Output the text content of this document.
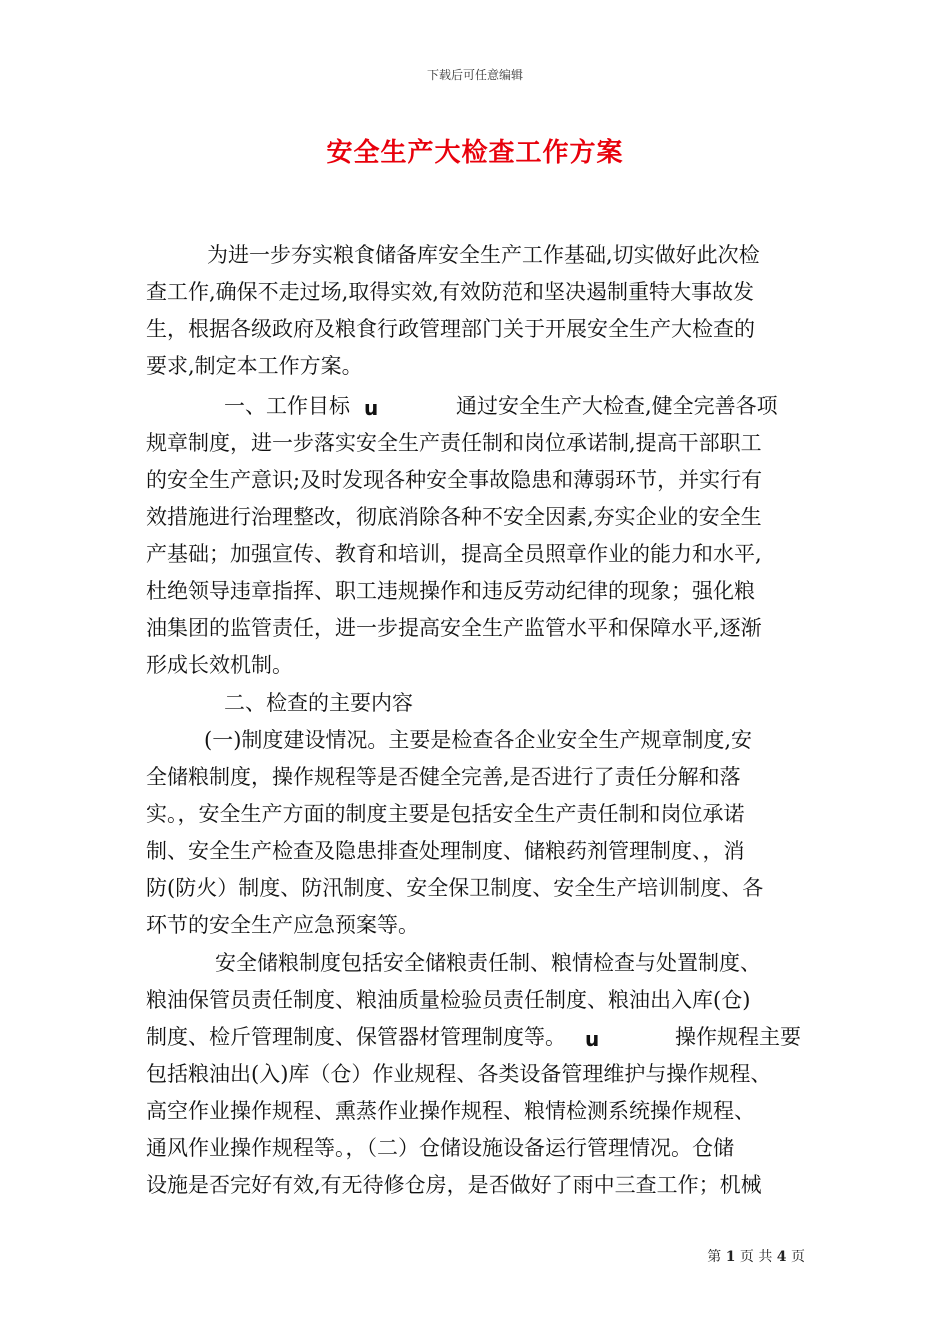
下载后可任意编辑
安全生产大检查工作方案
为进一步夯实粮食储备库安全生产工作基础,切实做好此次检
查工作,确保不走过场,取得实效,有效防范和坚决遏制重特大事故发
生，根据各级政府及粮食行政管理部门关于开展安全生产大检查的
要求,制定本工作方案。
一、工作目标 u	通过安全生产大检查,健全完善各项
规章制度，进一步落实安全生产责任制和岗位承诺制,提高干部职工
的安全生产意识;及时发现各种安全事故隐患和薄弱环节，并实行有
效措施进行治理整改，彻底消除各种不安全因素,夯实企业的安全生
产基础；加强宣传、教育和培训，提高全员照章作业的能力和水平,
杜绝领导违章指挥、职工违规操作和违反劳动纪律的现象；强化粮
油集团的监管责任，进一步提高安全生产监管水平和保障水平,逐渐
形成长效机制。
二、检查的主要内容
(一)制度建设情况。主要是检查各企业安全生产规章制度,安
全储粮制度，操作规程等是否健全完善,是否进行了责任分解和落
实。，安全生产方面的制度主要是包括安全生产责任制和岗位承诺
制、安全生产检查及隐患排查处理制度、储粮药剂管理制度、，消
防(防火）制度、防汛制度、安全保卫制度、安全生产培训制度、各
环节的安全生产应急预案等。
安全储粮制度包括安全储粮责任制、粮情检查与处置制度、
粮油保管员责任制度、粮油质量检验员责任制度、粮油出入库(仓)
制度、检斤管理制度、保管器材管理制度等。 u	操作规程主要
包括粮油出(入)库（仓）作业规程、各类设备管理维护与操作规程、
高空作业操作规程、熏蒸作业操作规程、粮情检测系统操作规程、
通风作业操作规程等。，（二）仓储设施设备运行管理情况。仓储
设施是否完好有效,有无待修仓房，是否做好了雨中三查工作；机械
第 1 页 共 4 页
